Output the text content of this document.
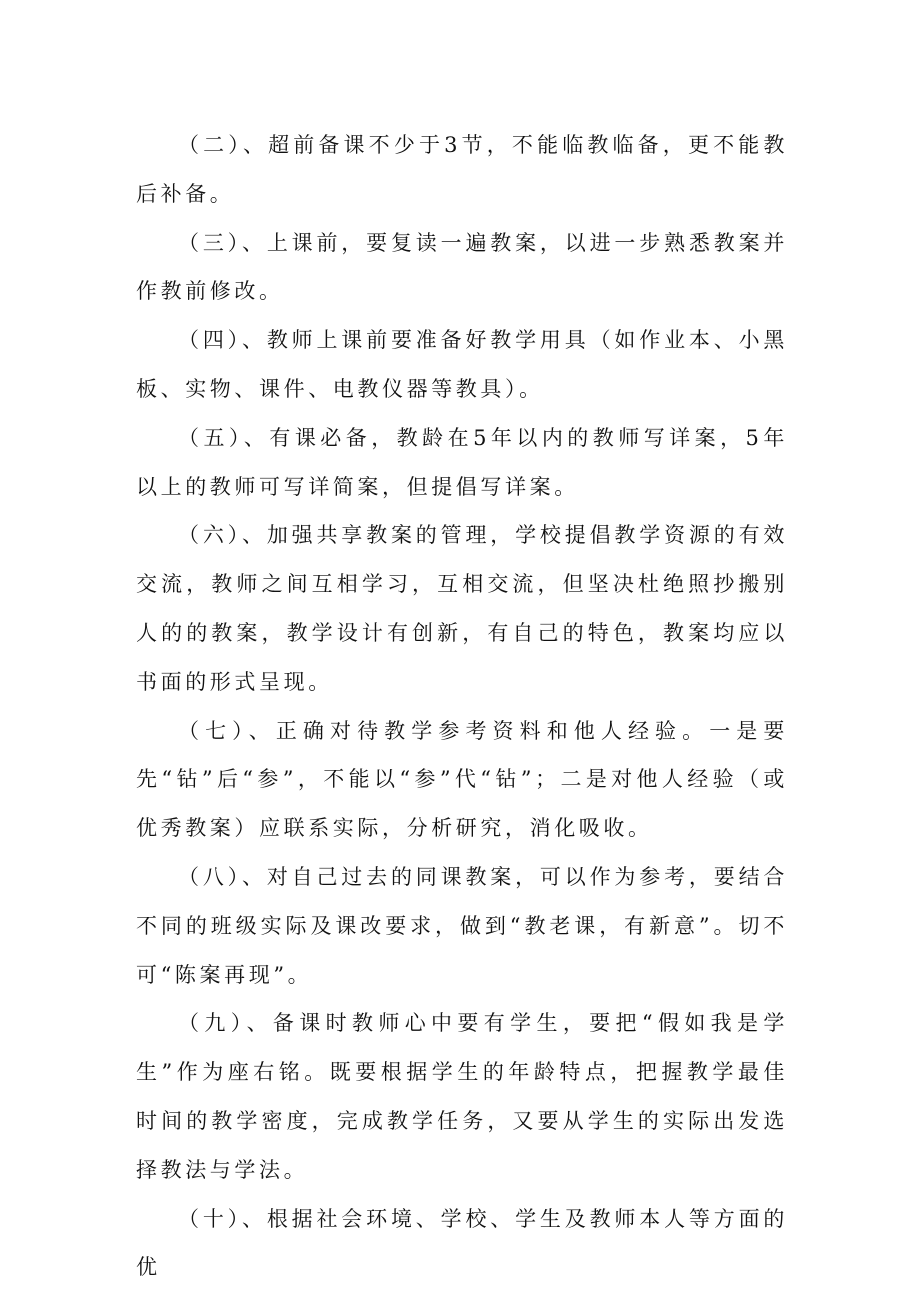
（二）、超前备课不少于3节，不能临教临备，更不能教后补备。

（三）、上课前，要复读一遍教案，以进一步熟悉教案并作教前修改。

（四）、教师上课前要准备好教学用具（如作业本、小黑板、实物、课件、电教仪器等教具）。

（五）、有课必备，教龄在5年以内的教师写详案，5年以上的教师可写详简案，但提倡写详案。

（六）、加强共享教案的管理，学校提倡教学资源的有效交流，教师之间互相学习，互相交流，但坚决杜绝照抄搬别人的的教案，教学设计有创新，有自己的特色，教案均应以书面的形式呈现。

（七）、正确对待教学参考资料和他人经验。一是要先“钻”后“参”，不能以“参”代“钻”；二是对他人经验（或优秀教案）应联系实际，分析研究，消化吸收。

（八）、对自己过去的同课教案，可以作为参考，要结合不同的班级实际及课改要求，做到“教老课，有新意”。切不可“陈案再现”。

（九）、备课时教师心中要有学生，要把“假如我是学生”作为座右铭。既要根据学生的年龄特点，把握教学最佳时间的教学密度，完成教学任务，又要从学生的实际出发选择教法与学法。

（十）、根据社会环境、学校、学生及教师本人等方面的优
